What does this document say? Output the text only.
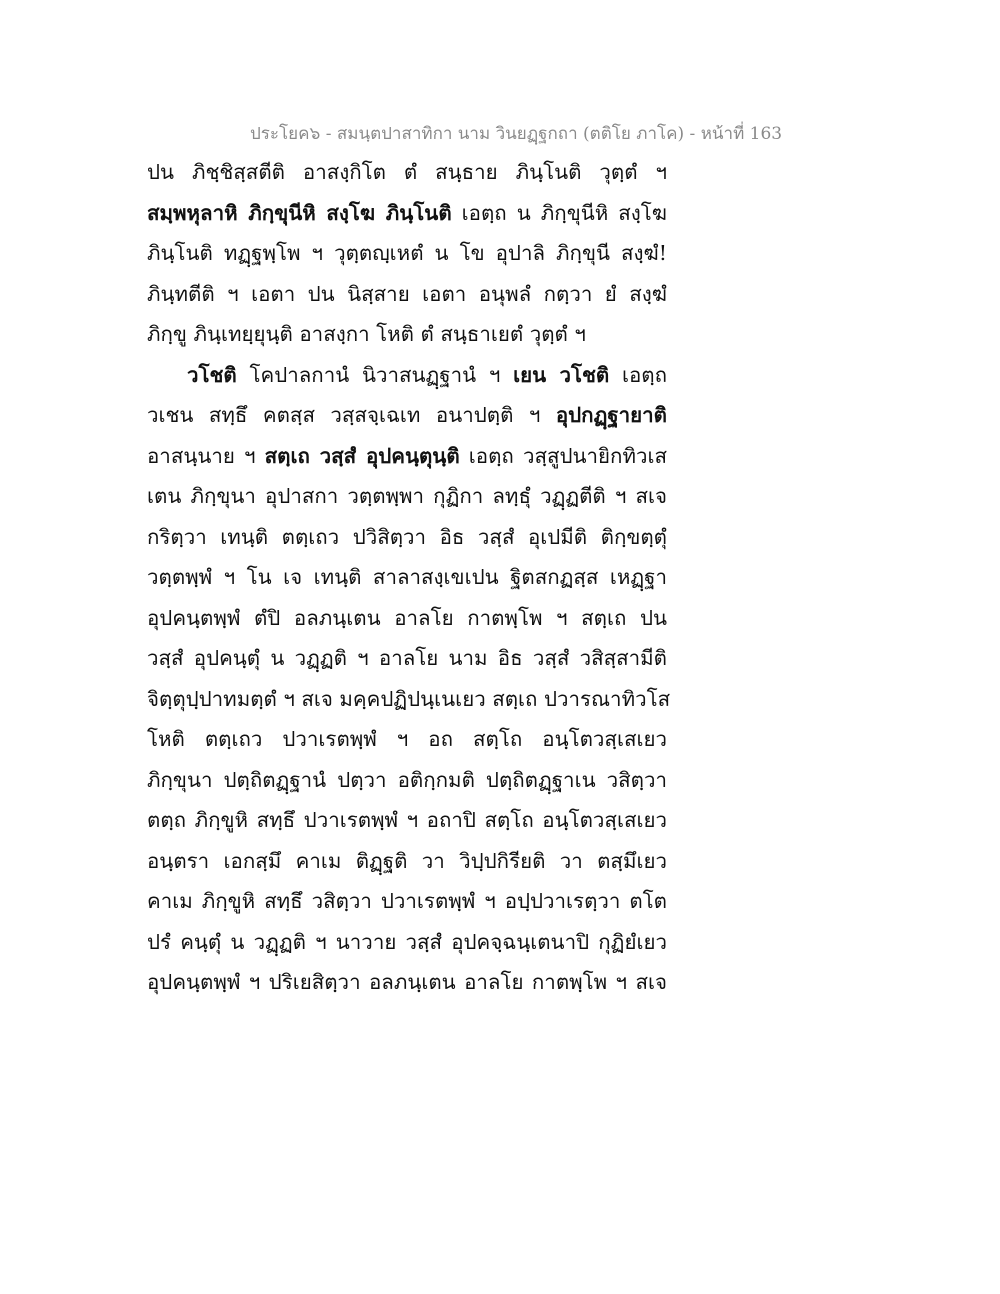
ประโยค๖ - สมนฺตปาสาทิกา นาม วินยฏฺฐกถา (ตติโย ภาโค) - หน้าที่ 163
ปน ภิชฺชิสฺสตีติ อาสงฺกิโต ตํ สนฺธาย ภินฺโนติ วุตฺตํ ฯ
สมฺพหุลาหิ ภิกฺขุนีหิ สงฺโฆ ภินฺโนติ เอตฺถ น ภิกฺขุนีหิ สงฺโฆ
ภินฺโนติ ทฏฺฐพฺโพ ฯ วุตฺตญฺเหตํ น โข อุปาลิ ภิกฺขุนี สงฺฆํ!
ภินฺทตีติ ฯ เอตา ปน นิสฺสาย เอตา อนุพลํ กตฺวา ยํ สงฺฆํ
ภิกฺขู ภินฺเทยฺยุนฺติ อาสงฺกา โหติ ตํ สนฺธาเยตํ วุตฺตํ ฯ
วโชติ โคปาลกานํ นิวาสนฏฺฐานํ ฯ เยน วโชติ เอตฺถ
วเชน สทฺธึ คตสฺส วสฺสจฺเฉเท อนาปตฺติ ฯ อุปกฏฺฐายาติ
อาสนฺนาย ฯ สตฺเถ วสฺสํ อุปคนฺตุนฺติ เอตฺถ วสฺสูปนายิกทิวเส
เตน ภิกฺขุนา อุปาสกา วตฺตพฺพา กุฏิกา ลทฺธุํ วฏฺฏตีติ ฯ สเจ
กริตฺวา เทนฺติ ตตฺเถว ปวิสิตฺวา อิธ วสฺสํ อุเปมีติ ติกฺขตฺตุํ
วตฺตพฺพํ ฯ โน เจ เทนฺติ สาลาสงฺเขเปน ฐิตสกฏสฺส เหฏฺฐา
อุปคนฺตพฺพํ ตํปิ อลภนฺเตน อาลโย กาตพฺโพ ฯ สตฺเถ ปน
วสฺสํ อุปคนฺตุํ น วฏฺฏติ ฯ อาลโย นาม อิธ วสฺสํ วสิสฺสามีติ
จิตฺตุปฺปาทมตฺตํ ฯ สเจ มคฺคปฏิปนฺเนเยว สตฺเถ ปวารณาทิวโส
โหติ ตตฺเถว ปวาเรตพฺพํ ฯ อถ สตฺโถ อนฺโตวสฺเสเยว
ภิกฺขุนา ปตฺถิตฏฺฐานํ ปตฺวา อติกฺกมติ ปตฺถิตฏฺฐาเน วสิตฺวา
ตตฺถ ภิกฺขูหิ สทฺธึ ปวาเรตพฺพํ ฯ อถาปิ สตฺโถ อนฺโตวสฺเสเยว
อนฺตรา เอกสฺมึ คาเม ติฏฺฐติ วา วิปฺปกิรียติ วา ตสฺมึเยว
คาเม ภิกฺขูหิ สทฺธึ วสิตฺวา ปวาเรตพฺพํ ฯ อปฺปวาเรตฺวา ตโต
ปรํ คนฺตุํ น วฏฺฏติ ฯ นาวาย วสฺสํ อุปคจฺฉนฺเตนาปิ กุฏิยํเยว
อุปคนฺตพฺพํ ฯ ปริเยสิตฺวา อลภนฺเตน อาลโย กาตพฺโพ ฯ สเจ
